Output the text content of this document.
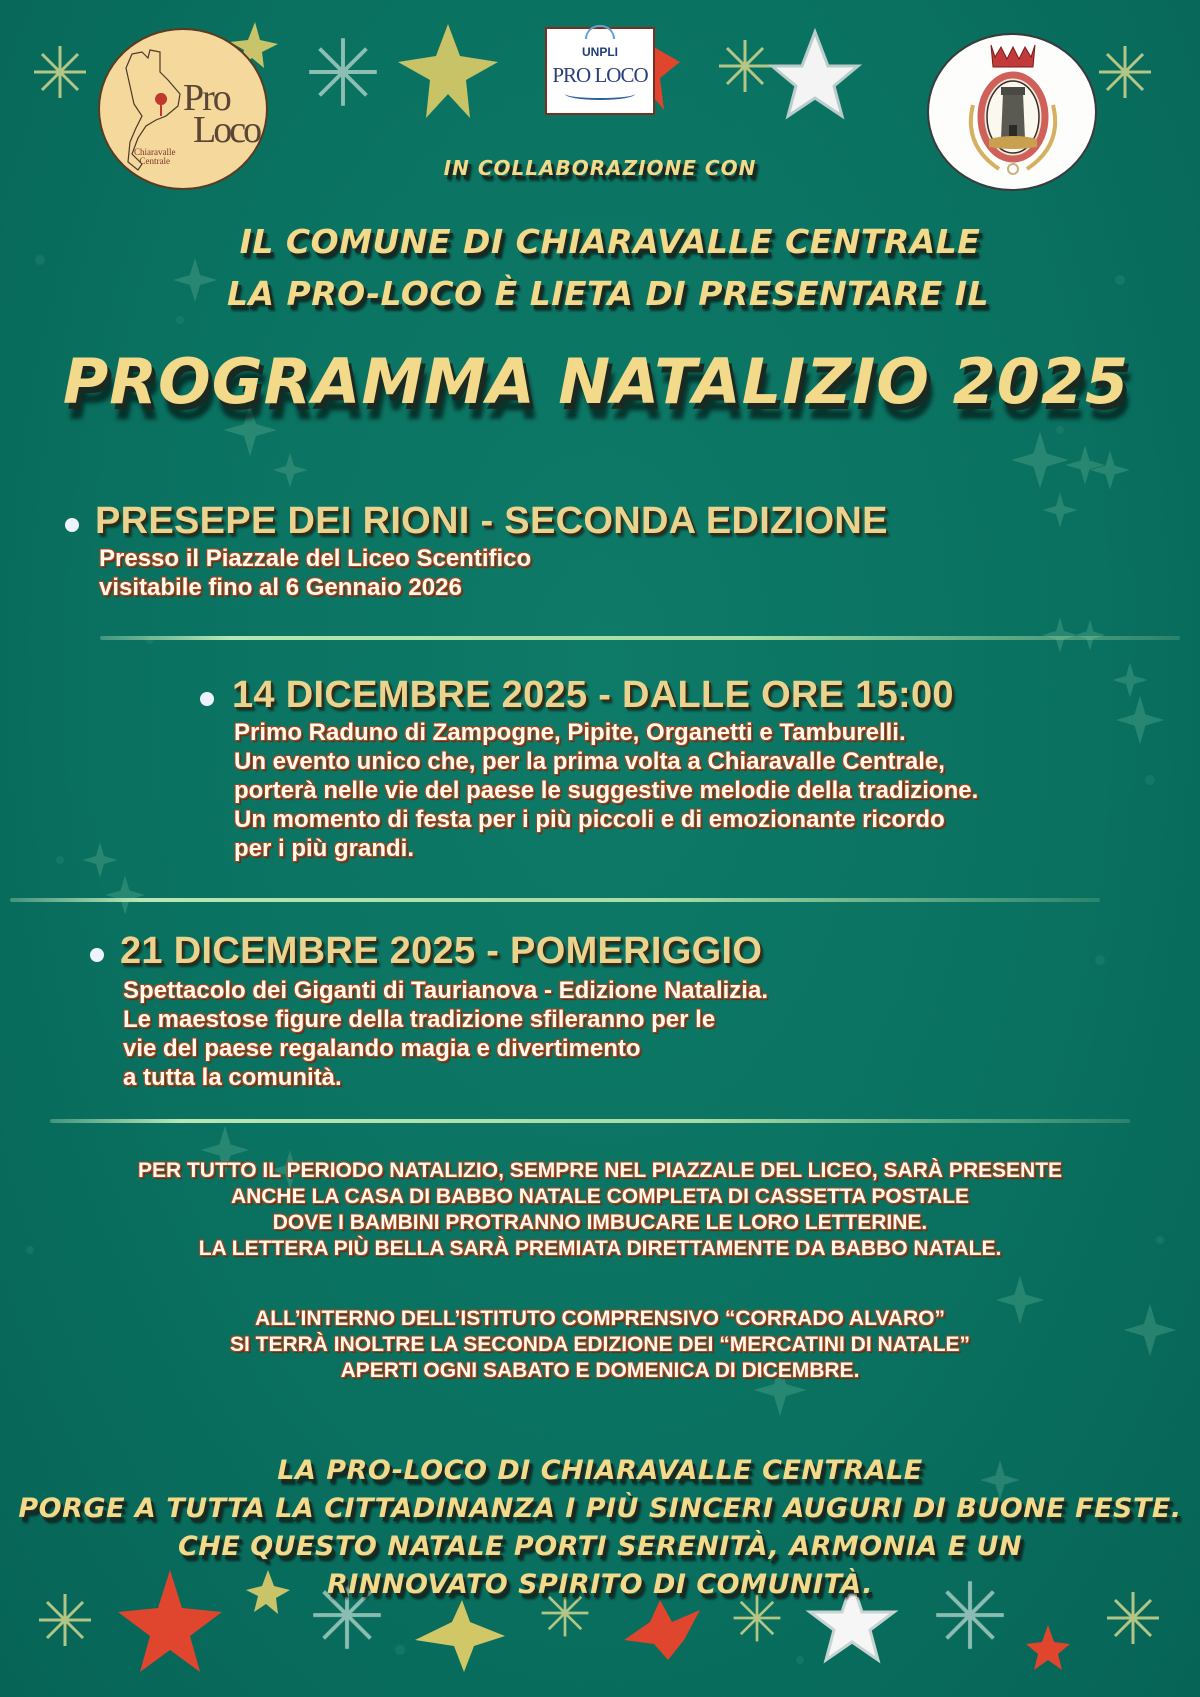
Pro
Loco
Chiaravalle
Centrale
UNPLI
PRO LOCO
IN COLLABORAZIONE CON
IL COMUNE DI CHIARAVALLE CENTRALE
LA PRO-LOCO È LIETA DI PRESENTARE IL
PROGRAMMA NATALIZIO 2025
PRESEPE DEI RIONI - SECONDA EDIZIONE
Presso il Piazzale del Liceo Scentifico
visitabile fino al 6 Gennaio 2026
14 DICEMBRE 2025 - DALLE ORE 15:00
Primo Raduno di Zampogne, Pipite, Organetti e Tamburelli.
Un evento unico che, per la prima volta a Chiaravalle Centrale,
porterà nelle vie del paese le suggestive melodie della tradizione.
Un momento di festa per i più piccoli e di emozionante ricordo
per i più grandi.
21 DICEMBRE 2025 - POMERIGGIO
Spettacolo dei Giganti di Taurianova - Edizione Natalizia.
Le maestose figure della tradizione sfileranno per le
vie del paese regalando magia e divertimento
a tutta la comunità.
PER TUTTO IL PERIODO NATALIZIO, SEMPRE NEL PIAZZALE DEL LICEO, SARÀ PRESENTE
ANCHE LA CASA DI BABBO NATALE COMPLETA DI CASSETTA POSTALE
DOVE I BAMBINI PROTRANNO IMBUCARE LE LORO LETTERINE.
LA LETTERA PIÙ BELLA SARÀ PREMIATA DIRETTAMENTE DA BABBO NATALE.
ALL’INTERNO DELL’ISTITUTO COMPRENSIVO “CORRADO ALVARO”
SI TERRÀ INOLTRE LA SECONDA EDIZIONE DEI “MERCATINI DI NATALE”
APERTI OGNI SABATO E DOMENICA DI DICEMBRE.
LA PRO-LOCO DI CHIARAVALLE CENTRALE
PORGE A TUTTA LA CITTADINANZA I PIÙ SINCERI AUGURI DI BUONE FESTE.
CHE QUESTO NATALE PORTI SERENITÀ, ARMONIA E UN
RINNOVATO SPIRITO DI COMUNITÀ.
